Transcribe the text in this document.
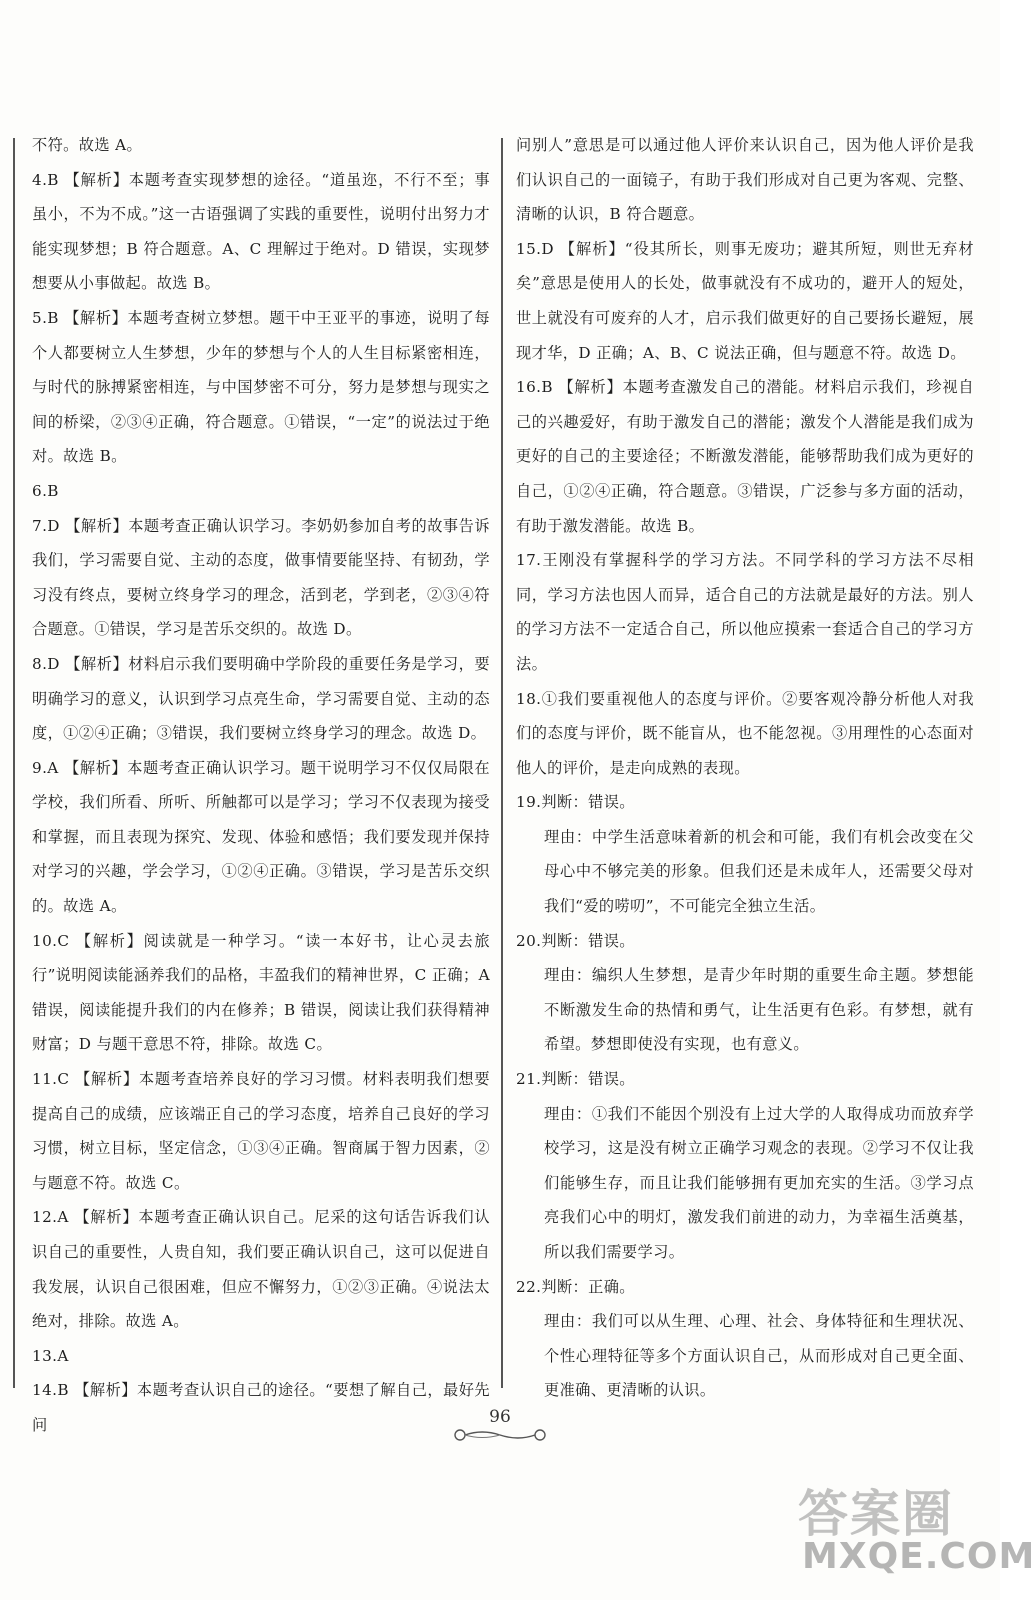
不符。故选 A。

4.B 【解析】本题考查实现梦想的途径。“道虽迩，不行不至；事虽小，不为不成。”这一古语强调了实践的重要性，说明付出努力才能实现梦想；B 符合题意。A、C 理解过于绝对。D 错误，实现梦想要从小事做起。故选 B。

5.B 【解析】本题考查树立梦想。题干中王亚平的事迹，说明了每个人都要树立人生梦想，少年的梦想与个人的人生目标紧密相连，与时代的脉搏紧密相连，与中国梦密不可分，努力是梦想与现实之间的桥梁，②③④正确，符合题意。①错误，“一定”的说法过于绝对。故选 B。

6.B

7.D 【解析】本题考查正确认识学习。李奶奶参加自考的故事告诉我们，学习需要自觉、主动的态度，做事情要能坚持、有韧劲，学习没有终点，要树立终身学习的理念，活到老，学到老，②③④符合题意。①错误，学习是苦乐交织的。故选 D。

8.D 【解析】材料启示我们要明确中学阶段的重要任务是学习，要明确学习的意义，认识到学习点亮生命，学习需要自觉、主动的态度，①②④正确；③错误，我们要树立终身学习的理念。故选 D。

9.A 【解析】本题考查正确认识学习。题干说明学习不仅仅局限在学校，我们所看、所听、所触都可以是学习；学习不仅表现为接受和掌握，而且表现为探究、发现、体验和感悟；我们要发现并保持对学习的兴趣，学会学习，①②④正确。③错误，学习是苦乐交织的。故选 A。

10.C 【解析】阅读就是一种学习。“读一本好书，让心灵去旅行”说明阅读能涵养我们的品格，丰盈我们的精神世界，C 正确；A 错误，阅读能提升我们的内在修养；B 错误，阅读让我们获得精神财富；D 与题干意思不符，排除。故选 C。

11.C 【解析】本题考查培养良好的学习习惯。材料表明我们想要提高自己的成绩，应该端正自己的学习态度，培养自己良好的学习习惯，树立目标，坚定信念，①③④正确。智商属于智力因素，②与题意不符。故选 C。

12.A 【解析】本题考查正确认识自己。尼采的这句话告诉我们认识自己的重要性，人贵自知，我们要正确认识自己，这可以促进自我发展，认识自己很困难，但应不懈努力，①②③正确。④说法太绝对，排除。故选 A。

13.A

14.B 【解析】本题考查认识自己的途径。“要想了解自己，最好先问

问别人”意思是可以通过他人评价来认识自己，因为他人评价是我们认识自己的一面镜子，有助于我们形成对自己更为客观、完整、清晰的认识，B 符合题意。

15.D 【解析】“役其所长，则事无废功；避其所短，则世无弃材矣”意思是使用人的长处，做事就没有不成功的，避开人的短处，世上就没有可废弃的人才，启示我们做更好的自己要扬长避短，展现才华，D 正确；A、B、C 说法正确，但与题意不符。故选 D。

16.B 【解析】本题考查激发自己的潜能。材料启示我们，珍视自己的兴趣爱好，有助于激发自己的潜能；激发个人潜能是我们成为更好的自己的主要途径；不断激发潜能，能够帮助我们成为更好的自己，①②④正确，符合题意。③错误，广泛参与多方面的活动，有助于激发潜能。故选 B。

17.王刚没有掌握科学的学习方法。不同学科的学习方法不尽相同，学习方法也因人而异，适合自己的方法就是最好的方法。别人的学习方法不一定适合自己，所以他应摸索一套适合自己的学习方法。

18.①我们要重视他人的态度与评价。②要客观冷静分析他人对我们的态度与评价，既不能盲从，也不能忽视。③用理性的心态面对他人的评价，是走向成熟的表现。

19.判断：错误。

理由：中学生活意味着新的机会和可能，我们有机会改变在父母心中不够完美的形象。但我们还是未成年人，还需要父母对我们“爱的唠叨”，不可能完全独立生活。

20.判断：错误。

理由：编织人生梦想，是青少年时期的重要生命主题。梦想能不断激发生命的热情和勇气，让生活更有色彩。有梦想，就有希望。梦想即使没有实现，也有意义。

21.判断：错误。

理由：①我们不能因个别没有上过大学的人取得成功而放弃学校学习，这是没有树立正确学习观念的表现。②学习不仅让我们能够生存，而且让我们能够拥有更加充实的生活。③学习点亮我们心中的明灯，激发我们前进的动力，为幸福生活奠基，所以我们需要学习。

22.判断：正确。

理由：我们可以从生理、心理、社会、身体特征和生理状况、个性心理特征等多个方面认识自己，从而形成对自己更全面、更准确、更清晰的认识。

96
答案圈
MXQE.COM
